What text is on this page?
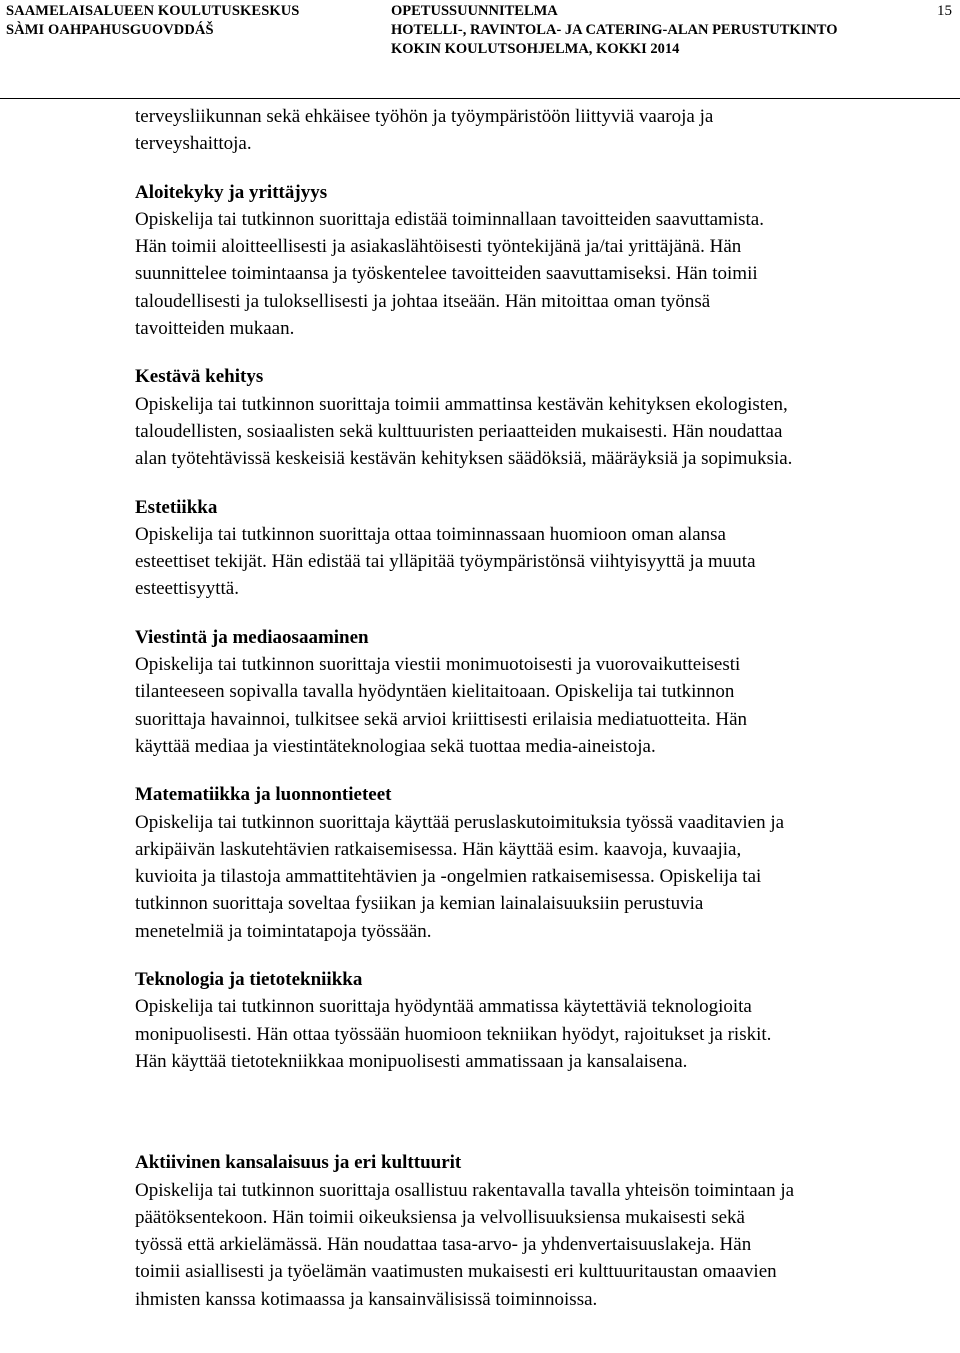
SAAMELAISALUEEN KOULUTUSKESKUS
SÀMI OAHPAHUSGUOVDDÁŠ
OPETUSSUUNNITELMA
HOTELLI-, RAVINTOLA- JA CATERING-ALAN PERUSTUTKINTO
KOKIN KOULUTSOHJELMA, KOKKI 2014
15
terveysliikunnan sekä ehkäisee työhön ja työympäristöön liittyviä vaaroja ja
terveyshaittoja.
Aloitekyky ja yrittäjyys
Opiskelija tai tutkinnon suorittaja edistää toiminnallaan tavoitteiden saavuttamista.
Hän toimii aloitteellisesti ja asiakaslähtöisesti työntekijänä ja/tai yrittäjänä. Hän
suunnittelee toimintaansa ja työskentelee tavoitteiden saavuttamiseksi. Hän toimii
taloudellisesti ja tuloksellisesti ja johtaa itseään. Hän mitoittaa oman työnsä
tavoitteiden mukaan.
Kestävä kehitys
Opiskelija tai tutkinnon suorittaja toimii ammattinsa kestävän kehityksen ekologisten,
taloudellisten, sosiaalisten sekä kulttuuristen periaatteiden mukaisesti. Hän noudattaa
alan työtehtävissä keskeisiä kestävän kehityksen säädöksiä, määräyksiä ja sopimuksia.
Estetiikka
Opiskelija tai tutkinnon suorittaja ottaa toiminnassaan huomioon oman alansa
esteettiset tekijät. Hän edistää tai ylläpitää työympäristönsä viihtyisyyttä ja muuta
esteettisyyttä.
Viestintä ja mediaosaaminen
Opiskelija tai tutkinnon suorittaja viestii monimuotoisesti ja vuorovaikutteisesti
tilanteeseen sopivalla tavalla hyödyntäen kielitaitoaan. Opiskelija tai tutkinnon
suorittaja havainnoi, tulkitsee sekä arvioi kriittisesti erilaisia mediatuotteita. Hän
käyttää mediaa ja viestintäteknologiaa sekä tuottaa media-aineistoja.
Matematiikka ja luonnontieteet
Opiskelija tai tutkinnon suorittaja käyttää peruslaskutoimituksia työssä vaaditavien ja
arkipäivän laskutehtävien ratkaisemisessa. Hän käyttää esim. kaavoja, kuvaajia,
kuvioita ja tilastoja ammattitehtävien ja -ongelmien ratkaisemisessa. Opiskelija tai
tutkinnon suorittaja soveltaa fysiikan ja kemian lainalaisuuksiin perustuvia
menetelmiä ja toimintatapoja työssään.
Teknologia ja tietotekniikka
Opiskelija tai tutkinnon suorittaja hyödyntää ammatissa käytettäviä teknologioita
monipuolisesti. Hän ottaa työssään huomioon tekniikan hyödyt, rajoitukset ja riskit.
Hän käyttää tietotekniikkaa monipuolisesti ammatissaan ja kansalaisena.
Aktiivinen kansalaisuus ja eri kulttuurit
Opiskelija tai tutkinnon suorittaja osallistuu rakentavalla tavalla yhteisön toimintaan ja
päätöksentekoon. Hän toimii oikeuksiensa ja velvollisuuksiensa mukaisesti sekä
työssä että arkielämässä. Hän noudattaa tasa-arvo- ja yhdenvertaisuuslakeja. Hän
toimii asiallisesti ja työelämän vaatimusten mukaisesti eri kulttuuritaustan omaavien
ihmisten kanssa kotimaassa ja kansainvälisissä toiminnoissa.
